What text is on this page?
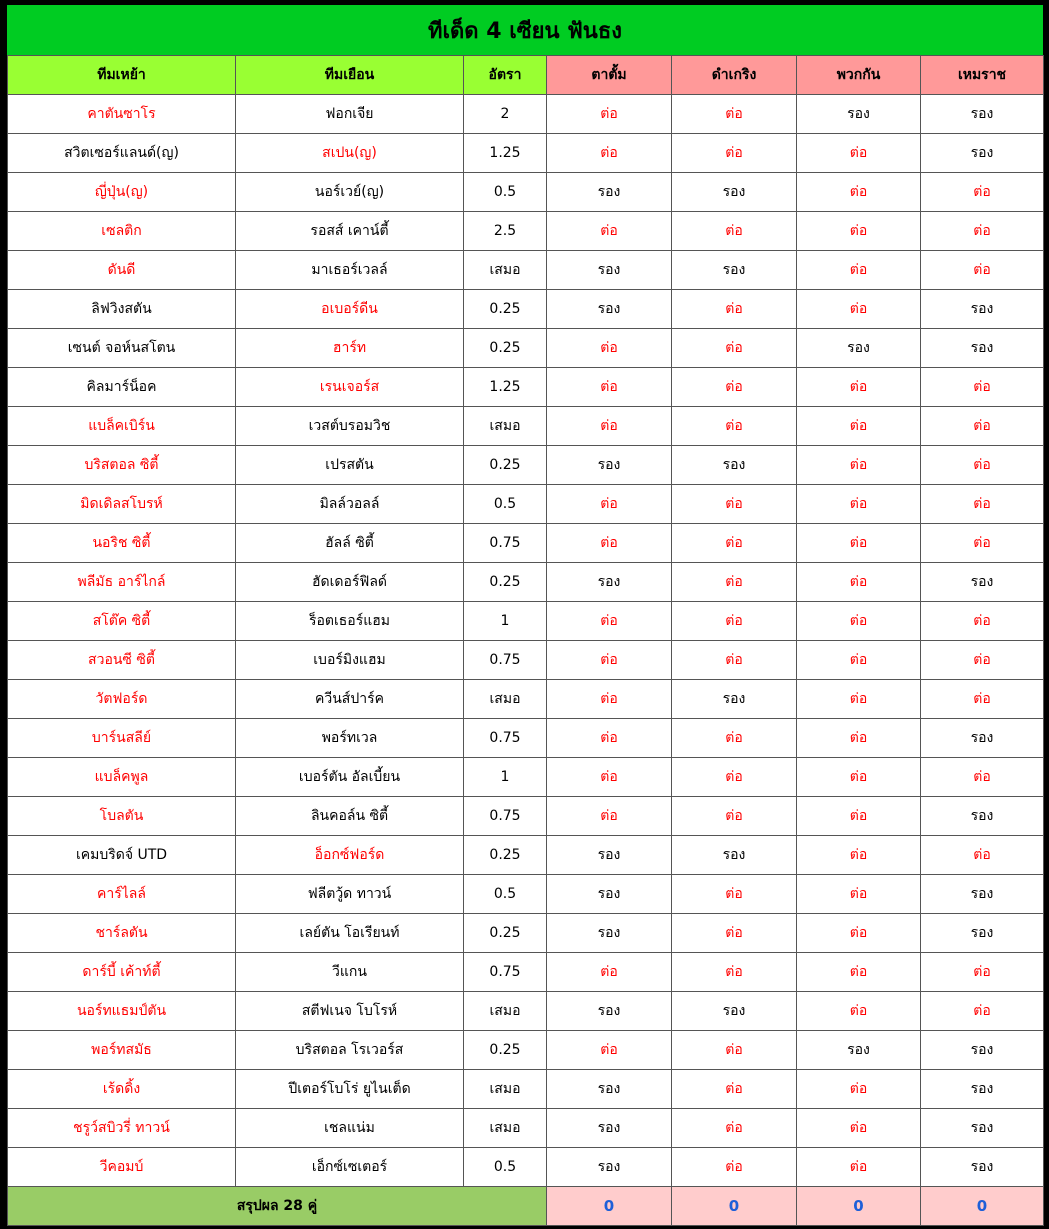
ทีเด็ด 4 เซียน ฟันธง
ทีมเหย้า	ทีมเยือน	อัตรา	ตาตั้ม	ดำเกริง	พวกกัน	เหมราช
คาตันซาโร	ฟอกเจีย	2	ต่อ	ต่อ	รอง	รอง
สวิตเซอร์แลนด์(ญ)	สเปน(ญ)	1.25	ต่อ	ต่อ	ต่อ	รอง
ญี่ปุ่น(ญ)	นอร์เวย์(ญ)	0.5	รอง	รอง	ต่อ	ต่อ
เซลติก	รอสส์ เคาน์ตี้	2.5	ต่อ	ต่อ	ต่อ	ต่อ
ดันดี	มาเธอร์เวลล์	เสมอ	รอง	รอง	ต่อ	ต่อ
ลิฟวิงสตัน	อเบอร์ดีน	0.25	รอง	ต่อ	ต่อ	รอง
เซนต์ จอห์นสโตน	ฮาร์ท	0.25	ต่อ	ต่อ	รอง	รอง
คิลมาร์น็อค	เรนเจอร์ส	1.25	ต่อ	ต่อ	ต่อ	ต่อ
แบล็คเบิร์น	เวสต์บรอมวิช	เสมอ	ต่อ	ต่อ	ต่อ	ต่อ
บริสตอล ซิตี้	เปรสตัน	0.25	รอง	รอง	ต่อ	ต่อ
มิดเดิลสโบรห์	มิลล์วอลล์	0.5	ต่อ	ต่อ	ต่อ	ต่อ
นอริช ซิตี้	ฮัลล์ ซิตี้	0.75	ต่อ	ต่อ	ต่อ	ต่อ
พลีมัธ อาร์ไกล์	ฮัดเดอร์ฟิลด์	0.25	รอง	ต่อ	ต่อ	รอง
สโต๊ค ซิตี้	ร็อตเธอร์แฮม	1	ต่อ	ต่อ	ต่อ	ต่อ
สวอนซี ซิตี้	เบอร์มิงแฮม	0.75	ต่อ	ต่อ	ต่อ	ต่อ
วัตฟอร์ด	ควีนส์ปาร์ค	เสมอ	ต่อ	รอง	ต่อ	ต่อ
บาร์นสลีย์	พอร์ทเวล	0.75	ต่อ	ต่อ	ต่อ	รอง
แบล็คพูล	เบอร์ตัน อัลเบี้ยน	1	ต่อ	ต่อ	ต่อ	ต่อ
โบลตัน	ลินคอล์น ซิตี้	0.75	ต่อ	ต่อ	ต่อ	รอง
เคมบริดจ์ UTD	อ็อกซ์ฟอร์ด	0.25	รอง	รอง	ต่อ	ต่อ
คาร์ไลล์	ฟลีตวู้ด ทาวน์	0.5	รอง	ต่อ	ต่อ	รอง
ชาร์ลตัน	เลย์ตัน โอเรียนท์	0.25	รอง	ต่อ	ต่อ	รอง
ดาร์บี้ เค้าท์ตี้	วีแกน	0.75	ต่อ	ต่อ	ต่อ	ต่อ
นอร์ทแธมป์ตัน	สตีฟเนจ โบโรห์	เสมอ	รอง	รอง	ต่อ	ต่อ
พอร์ทสมัธ	บริสตอล โรเวอร์ส	0.25	ต่อ	ต่อ	รอง	รอง
เร้ดดิ้ง	ปีเตอร์โบโร่ ยูไนเต็ด	เสมอ	รอง	ต่อ	ต่อ	รอง
ชรูว์สบิวรี่ ทาวน์	เชลแน่ม	เสมอ	รอง	ต่อ	ต่อ	รอง
วีคอมบ์	เอ็กซ์เซเตอร์	0.5	รอง	ต่อ	ต่อ	รอง
สรุปผล 28 คู่			0	0	0	0
